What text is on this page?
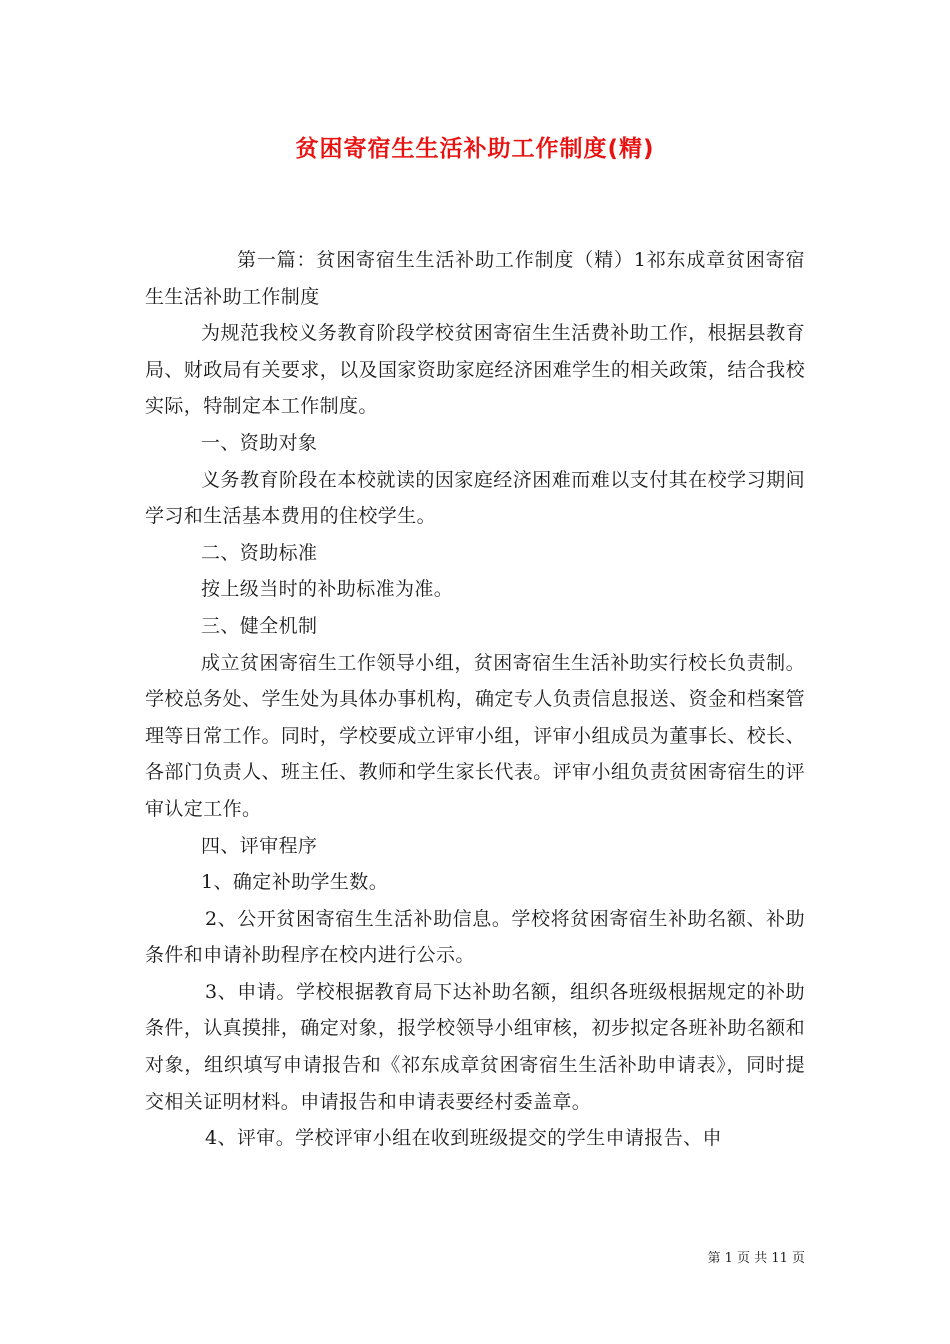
贫困寄宿生生活补助工作制度(精)

第一篇：贫困寄宿生生活补助工作制度（精）1祁东成章贫困寄宿生生活补助工作制度

为规范我校义务教育阶段学校贫困寄宿生生活费补助工作，根据县教育局、财政局有关要求，以及国家资助家庭经济困难学生的相关政策，结合我校实际，特制定本工作制度。

一、资助对象

义务教育阶段在本校就读的因家庭经济困难而难以支付其在校学习期间学习和生活基本费用的住校学生。

二、资助标准

按上级当时的补助标准为准。

三、健全机制

成立贫困寄宿生工作领导小组，贫困寄宿生生活补助实行校长负责制。学校总务处、学生处为具体办事机构，确定专人负责信息报送、资金和档案管理等日常工作。同时，学校要成立评审小组，评审小组成员为董事长、校长、各部门负责人、班主任、教师和学生家长代表。评审小组负责贫困寄宿生的评审认定工作。

四、评审程序

1、确定补助学生数。

2、公开贫困寄宿生生活补助信息。学校将贫困寄宿生补助名额、补助条件和申请补助程序在校内进行公示。

3、申请。学校根据教育局下达补助名额，组织各班级根据规定的补助条件，认真摸排，确定对象，报学校领导小组审核，初步拟定各班补助名额和对象，组织填写申请报告和《祁东成章贫困寄宿生生活补助申请表》，同时提交相关证明材料。申请报告和申请表要经村委盖章。

4、评审。学校评审小组在收到班级提交的学生申请报告、申

第 1 页 共 11 页
